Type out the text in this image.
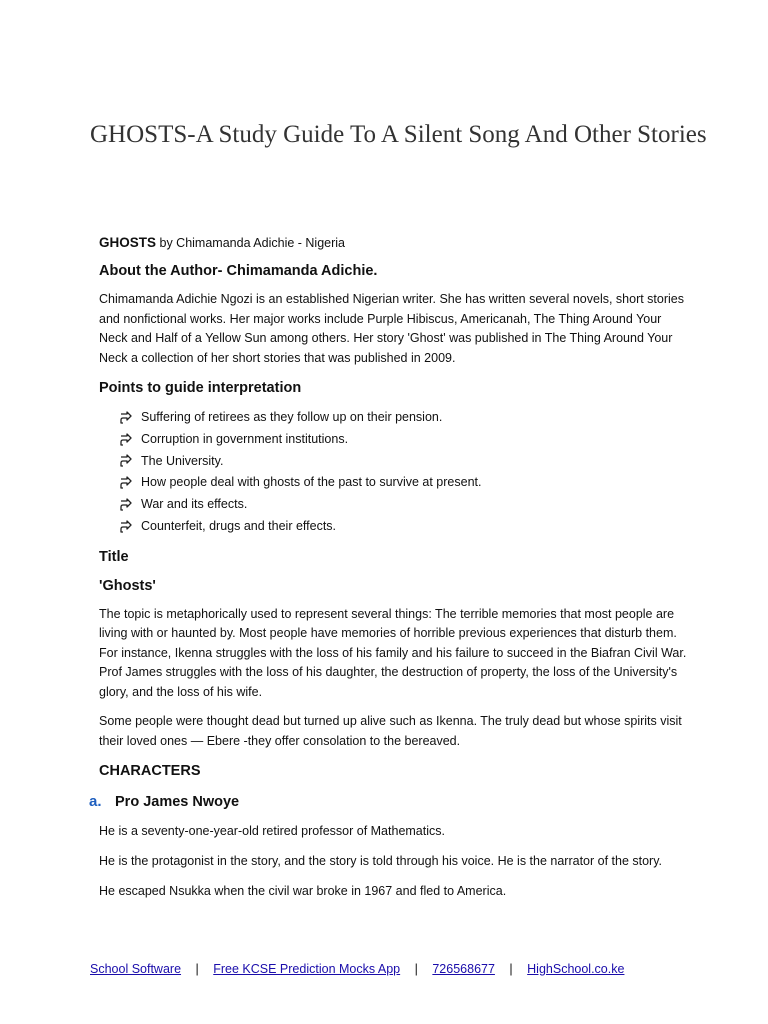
GHOSTS-A Study Guide To A Silent Song And Other Stories
GHOSTS by Chimamanda Adichie - Nigeria
About the Author- Chimamanda Adichie.

Chimamanda Adichie Ngozi is an established Nigerian writer. She has written several novels, short stories and nonfictional works. Her major works include Purple Hibiscus, Americanah, The Thing Around Your Neck and Half of a Yellow Sun among others. Her story 'Ghost' was published in The Thing Around Your Neck a collection of her short stories that was published in 2009.

Points to guide interpretation
Suffering of retirees as they follow up on their pension.
Corruption in government institutions.
The University.
How people deal with ghosts of the past to survive at present.
War and its effects.
Counterfeit, drugs and their effects.
Title
'Ghosts'

The topic is metaphorically used to represent several things: The terrible memories that most people are living with or haunted by. Most people have memories of horrible previous experiences that disturb them. For instance, Ikenna struggles with the loss of his family and his failure to succeed in the Biafran Civil War. Prof James struggles with the loss of his daughter, the destruction of property, the loss of the University's glory, and the loss of his wife.

Some people were thought dead but turned up alive such as Ikenna. The truly dead but whose spirits visit their loved ones — Ebere -they offer consolation to the bereaved.

CHARACTERS
a. Pro James Nwoye

He is a seventy-one-year-old retired professor of Mathematics.

He is the protagonist in the story, and the story is told through his voice. He is the narrator of the story.

He escaped Nsukka when the civil war broke in 1967 and fled to America.

School Software | Free KCSE Prediction Mocks App | 726568677 | HighSchool.co.ke
